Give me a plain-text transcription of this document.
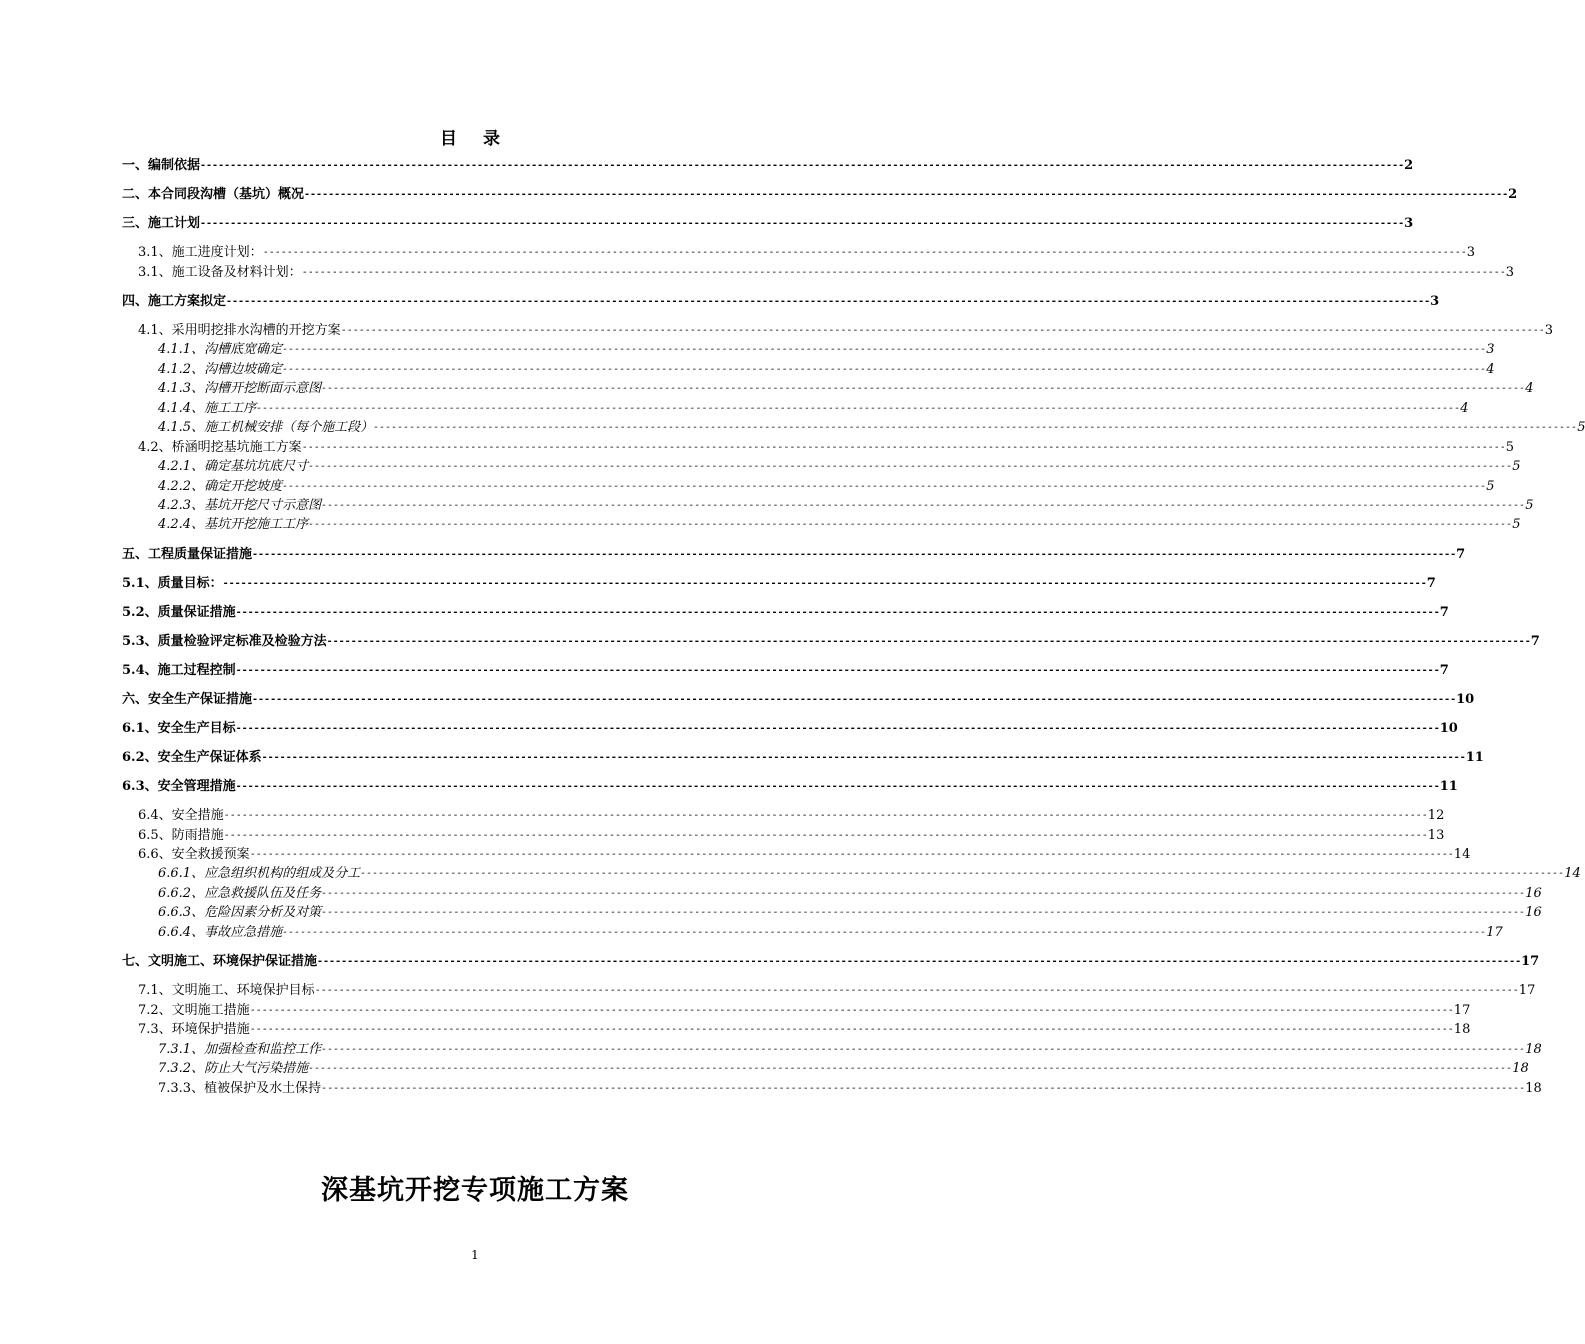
目 录
一、编制依据 -------------------------------------------------------------------------------------------------------------------------------------------------------------------------------------------------------- 2
二、本合同段沟槽（基坑）概况 -------------------------------------------------------------------------------------------------------------------------------------------------------------------------------------------------------- 2
三、施工计划 -------------------------------------------------------------------------------------------------------------------------------------------------------------------------------------------------------- 3
3.1、施工进度计划： -------------------------------------------------------------------------------------------------------------------------------------------------------------------------------------------------------- 3
3.1、施工设备及材料计划： -------------------------------------------------------------------------------------------------------------------------------------------------------------------------------------------------------- 3
四、施工方案拟定 -------------------------------------------------------------------------------------------------------------------------------------------------------------------------------------------------------- 3
4.1、采用明挖排水沟槽的开挖方案 -------------------------------------------------------------------------------------------------------------------------------------------------------------------------------------------------------- 3
4.1.1、沟槽底宽确定 -------------------------------------------------------------------------------------------------------------------------------------------------------------------------------------------------------- 3
4.1.2、沟槽边坡确定 -------------------------------------------------------------------------------------------------------------------------------------------------------------------------------------------------------- 4
4.1.3、沟槽开挖断面示意图 -------------------------------------------------------------------------------------------------------------------------------------------------------------------------------------------------------- 4
4.1.4、施工工序 -------------------------------------------------------------------------------------------------------------------------------------------------------------------------------------------------------- 4
4.1.5、施工机械安排（每个施工段） -------------------------------------------------------------------------------------------------------------------------------------------------------------------------------------------------------- 5
4.2、桥涵明挖基坑施工方案 -------------------------------------------------------------------------------------------------------------------------------------------------------------------------------------------------------- 5
4.2.1、确定基坑坑底尺寸 -------------------------------------------------------------------------------------------------------------------------------------------------------------------------------------------------------- 5
4.2.2、确定开挖坡度 -------------------------------------------------------------------------------------------------------------------------------------------------------------------------------------------------------- 5
4.2.3、基坑开挖尺寸示意图 -------------------------------------------------------------------------------------------------------------------------------------------------------------------------------------------------------- 5
4.2.4、基坑开挖施工工序 -------------------------------------------------------------------------------------------------------------------------------------------------------------------------------------------------------- 5
五、工程质量保证措施 -------------------------------------------------------------------------------------------------------------------------------------------------------------------------------------------------------- 7
5.1、质量目标： -------------------------------------------------------------------------------------------------------------------------------------------------------------------------------------------------------- 7
5.2、质量保证措施 -------------------------------------------------------------------------------------------------------------------------------------------------------------------------------------------------------- 7
5.3、质量检验评定标准及检验方法 -------------------------------------------------------------------------------------------------------------------------------------------------------------------------------------------------------- 7
5.4、施工过程控制 -------------------------------------------------------------------------------------------------------------------------------------------------------------------------------------------------------- 7
六、安全生产保证措施 -------------------------------------------------------------------------------------------------------------------------------------------------------------------------------------------------------- 10
6.1、安全生产目标 -------------------------------------------------------------------------------------------------------------------------------------------------------------------------------------------------------- 10
6.2、安全生产保证体系 -------------------------------------------------------------------------------------------------------------------------------------------------------------------------------------------------------- 11
6.3、安全管理措施 -------------------------------------------------------------------------------------------------------------------------------------------------------------------------------------------------------- 11
6.4、安全措施 -------------------------------------------------------------------------------------------------------------------------------------------------------------------------------------------------------- 12
6.5、防雨措施 -------------------------------------------------------------------------------------------------------------------------------------------------------------------------------------------------------- 13
6.6、安全救援预案 -------------------------------------------------------------------------------------------------------------------------------------------------------------------------------------------------------- 14
6.6.1、应急组织机构的组成及分工 -------------------------------------------------------------------------------------------------------------------------------------------------------------------------------------------------------- 14
6.6.2、应急救援队伍及任务 -------------------------------------------------------------------------------------------------------------------------------------------------------------------------------------------------------- 16
6.6.3、危险因素分析及对策 -------------------------------------------------------------------------------------------------------------------------------------------------------------------------------------------------------- 16
6.6.4、事故应急措施 -------------------------------------------------------------------------------------------------------------------------------------------------------------------------------------------------------- 17
七、文明施工、环境保护保证措施 -------------------------------------------------------------------------------------------------------------------------------------------------------------------------------------------------------- 17
7.1、文明施工、环境保护目标 -------------------------------------------------------------------------------------------------------------------------------------------------------------------------------------------------------- 17
7.2、文明施工措施 -------------------------------------------------------------------------------------------------------------------------------------------------------------------------------------------------------- 17
7.3、环境保护措施 -------------------------------------------------------------------------------------------------------------------------------------------------------------------------------------------------------- 18
7.3.1、加强检查和监控工作 -------------------------------------------------------------------------------------------------------------------------------------------------------------------------------------------------------- 18
7.3.2、防止大气污染措施 -------------------------------------------------------------------------------------------------------------------------------------------------------------------------------------------------------- 18
7.3.3、植被保护及水土保持 -------------------------------------------------------------------------------------------------------------------------------------------------------------------------------------------------------- 18
深基坑开挖专项施工方案
1
